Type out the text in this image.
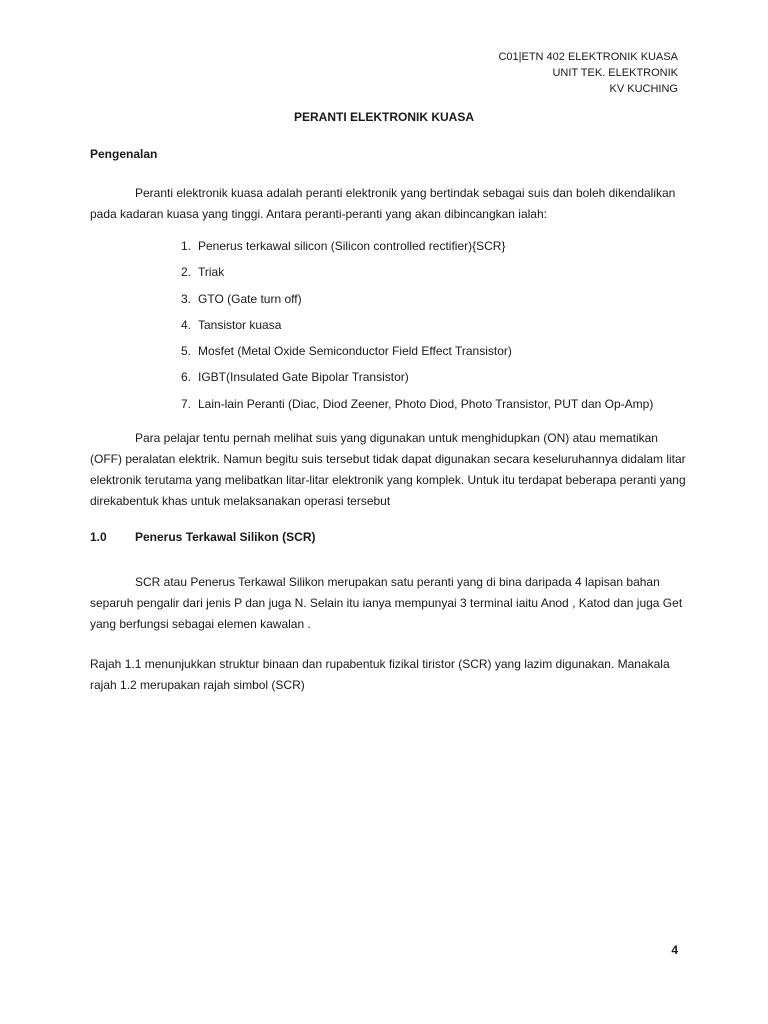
C01|ETN 402 ELEKTRONIK KUASA
UNIT TEK. ELEKTRONIK
KV KUCHING
PERANTI ELEKTRONIK KUASA
Pengenalan
Peranti elektronik kuasa adalah peranti elektronik yang bertindak sebagai suis dan boleh dikendalikan pada kadaran kuasa yang tinggi. Antara peranti-peranti yang akan dibincangkan ialah:
1. Penerus terkawal silicon (Silicon controlled rectifier){SCR}
2. Triak
3. GTO (Gate turn off)
4. Tansistor kuasa
5. Mosfet (Metal Oxide Semiconductor Field Effect Transistor)
6. IGBT(Insulated Gate Bipolar Transistor)
7. Lain-lain Peranti (Diac, Diod Zeener, Photo Diod, Photo Transistor, PUT dan Op-Amp)
Para pelajar tentu pernah melihat suis yang digunakan untuk menghidupkan (ON) atau mematikan (OFF) peralatan elektrik. Namun begitu suis tersebut tidak dapat digunakan secara keseluruhannya didalam litar elektronik terutama yang melibatkan litar-litar elektronik yang komplek. Untuk itu terdapat beberapa peranti yang direkabentuk khas untuk melaksanakan operasi tersebut
1.0 Penerus Terkawal Silikon (SCR)
SCR atau Penerus Terkawal Silikon merupakan satu peranti yang di bina daripada 4 lapisan bahan separuh pengalir dari jenis P dan juga N. Selain itu ianya mempunyai 3 terminal iaitu Anod , Katod dan juga Get yang berfungsi sebagai elemen kawalan .
Rajah 1.1 menunjukkan struktur binaan dan rupabentuk fizikal tiristor (SCR) yang lazim digunakan. Manakala rajah 1.2 merupakan rajah simbol (SCR)
4
